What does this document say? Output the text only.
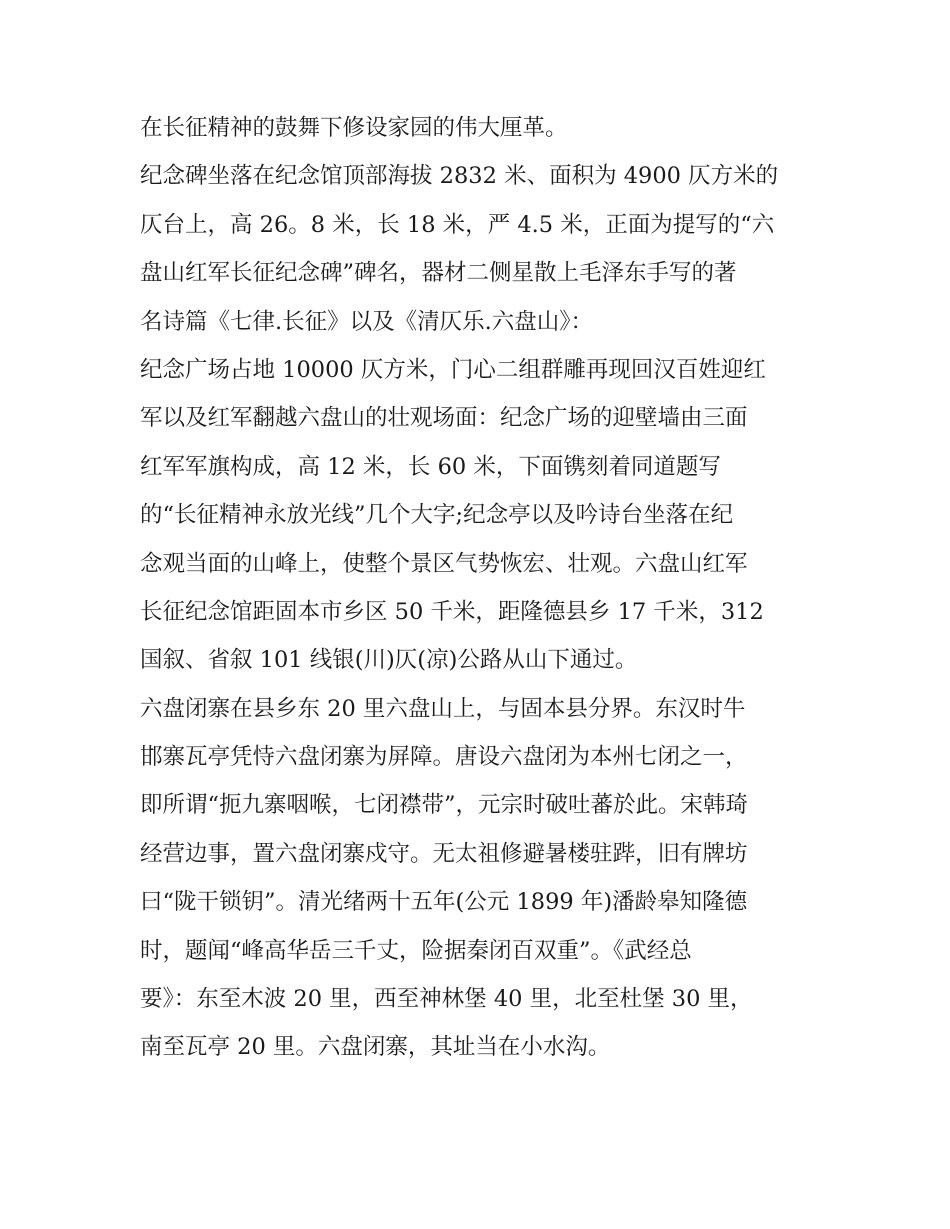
在长征精神的鼓舞下修设家园的伟大厘革。
纪念碑坐落在纪念馆顶部海拔 2832 米、面积为 4900 仄方米的
仄台上，高 26。8 米，长 18 米，严 4.5 米，正面为提写的“六
盘山红军长征纪念碑”碑名，器材二侧星散上毛泽东手写的著
名诗篇《七律.长征》以及《清仄乐.六盘山》：
纪念广场占地 10000 仄方米，门心二组群雕再现回汉百姓迎红
军以及红军翻越六盘山的壮观场面：纪念广场的迎壁墙由三面
红军军旗构成，高 12 米，长 60 米，下面镌刻着同道题写
的“长征精神永放光线”几个大字;纪念亭以及吟诗台坐落在纪
念观当面的山峰上，使整个景区气势恢宏、壮观。六盘山红军
长征纪念馆距固本市乡区 50 千米，距隆德县乡 17 千米，312
国叙、省叙 101 线银(川)仄(凉)公路从山下通过。
六盘闭寨在县乡东 20 里六盘山上，与固本县分界。东汉时牛
邯寨瓦亭凭恃六盘闭寨为屏障。唐设六盘闭为本州七闭之一，
即所谓“扼九寨咽喉，七闭襟带”，元宗时破吐蕃於此。宋韩琦
经营边事，置六盘闭寨戍守。无太祖修避暑楼驻跸，旧有牌坊
曰“陇干锁钥”。清光绪两十五年(公元 1899 年)潘龄皋知隆德
时，题闻“峰高华岳三千丈，险据秦闭百双重”。《武经总
要》：东至木波 20 里，西至神林堡 40 里，北至杜堡 30 里，
南至瓦亭 20 里。六盘闭寨，其址当在小水沟。
